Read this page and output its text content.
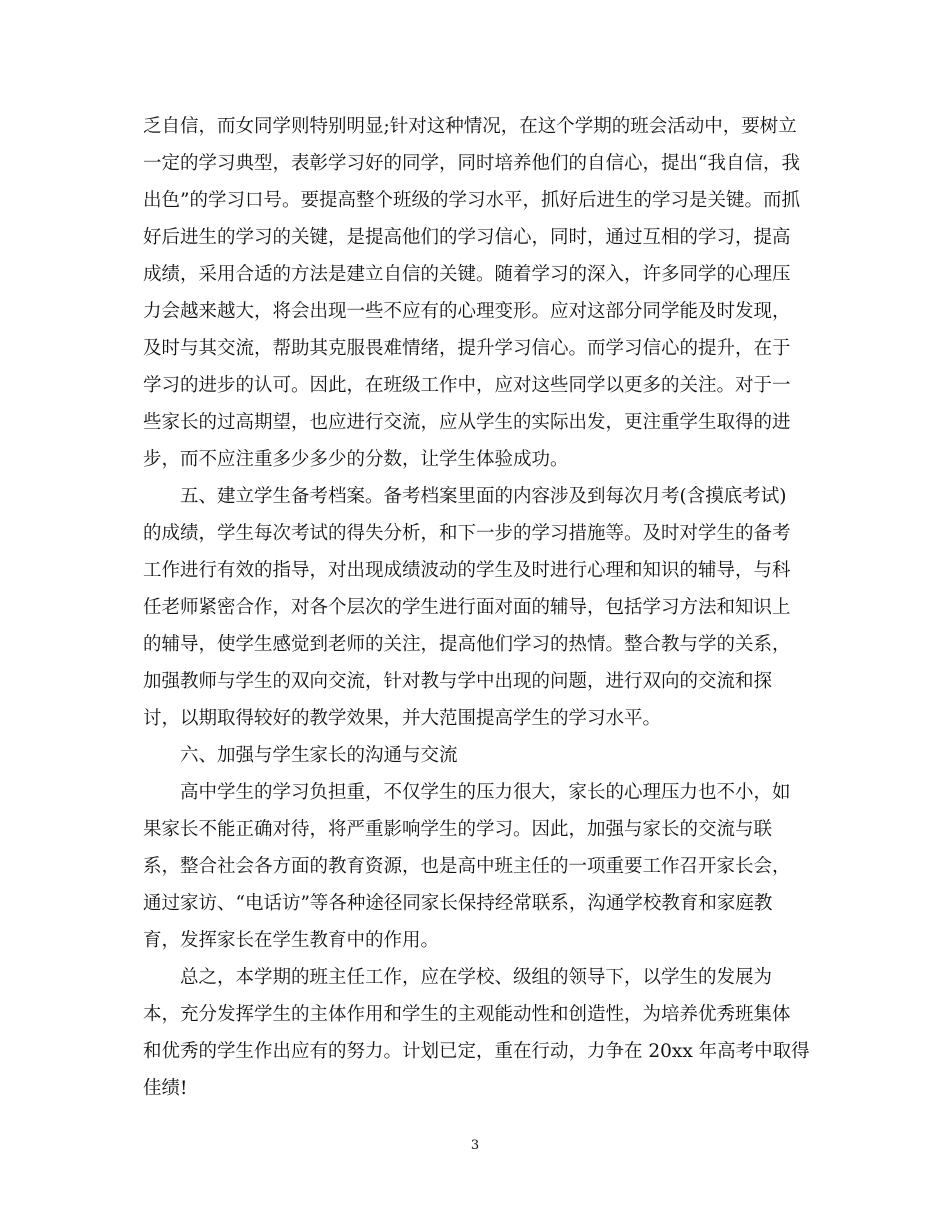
乏自信，而女同学则特别明显;针对这种情况，在这个学期的班会活动中，要树立
一定的学习典型，表彰学习好的同学，同时培养他们的自信心，提出“我自信，我
出色”的学习口号。要提高整个班级的学习水平，抓好后进生的学习是关键。而抓
好后进生的学习的关键，是提高他们的学习信心，同时，通过互相的学习，提高
成绩，采用合适的方法是建立自信的关键。随着学习的深入，许多同学的心理压
力会越来越大，将会出现一些不应有的心理变形。应对这部分同学能及时发现，
及时与其交流，帮助其克服畏难情绪，提升学习信心。而学习信心的提升，在于
学习的进步的认可。因此，在班级工作中，应对这些同学以更多的关注。对于一
些家长的过高期望，也应进行交流，应从学生的实际出发，更注重学生取得的进
步，而不应注重多少多少的分数，让学生体验成功。
五、建立学生备考档案。备考档案里面的内容涉及到每次月考(含摸底考试)
的成绩，学生每次考试的得失分析，和下一步的学习措施等。及时对学生的备考
工作进行有效的指导，对出现成绩波动的学生及时进行心理和知识的辅导，与科
任老师紧密合作，对各个层次的学生进行面对面的辅导，包括学习方法和知识上
的辅导，使学生感觉到老师的关注，提高他们学习的热情。整合教与学的关系，
加强教师与学生的双向交流，针对教与学中出现的问题，进行双向的交流和探
讨，以期取得较好的教学效果，并大范围提高学生的学习水平。
六、加强与学生家长的沟通与交流
高中学生的学习负担重，不仅学生的压力很大，家长的心理压力也不小，如
果家长不能正确对待，将严重影响学生的学习。因此，加强与家长的交流与联
系，整合社会各方面的教育资源，也是高中班主任的一项重要工作召开家长会，
通过家访、“电话访”等各种途径同家长保持经常联系，沟通学校教育和家庭教
育，发挥家长在学生教育中的作用。
总之，本学期的班主任工作，应在学校、级组的领导下，以学生的发展为
本，充分发挥学生的主体作用和学生的主观能动性和创造性，为培养优秀班集体
和优秀的学生作出应有的努力。计划已定，重在行动，力争在 20xx 年高考中取得
佳绩!
3
